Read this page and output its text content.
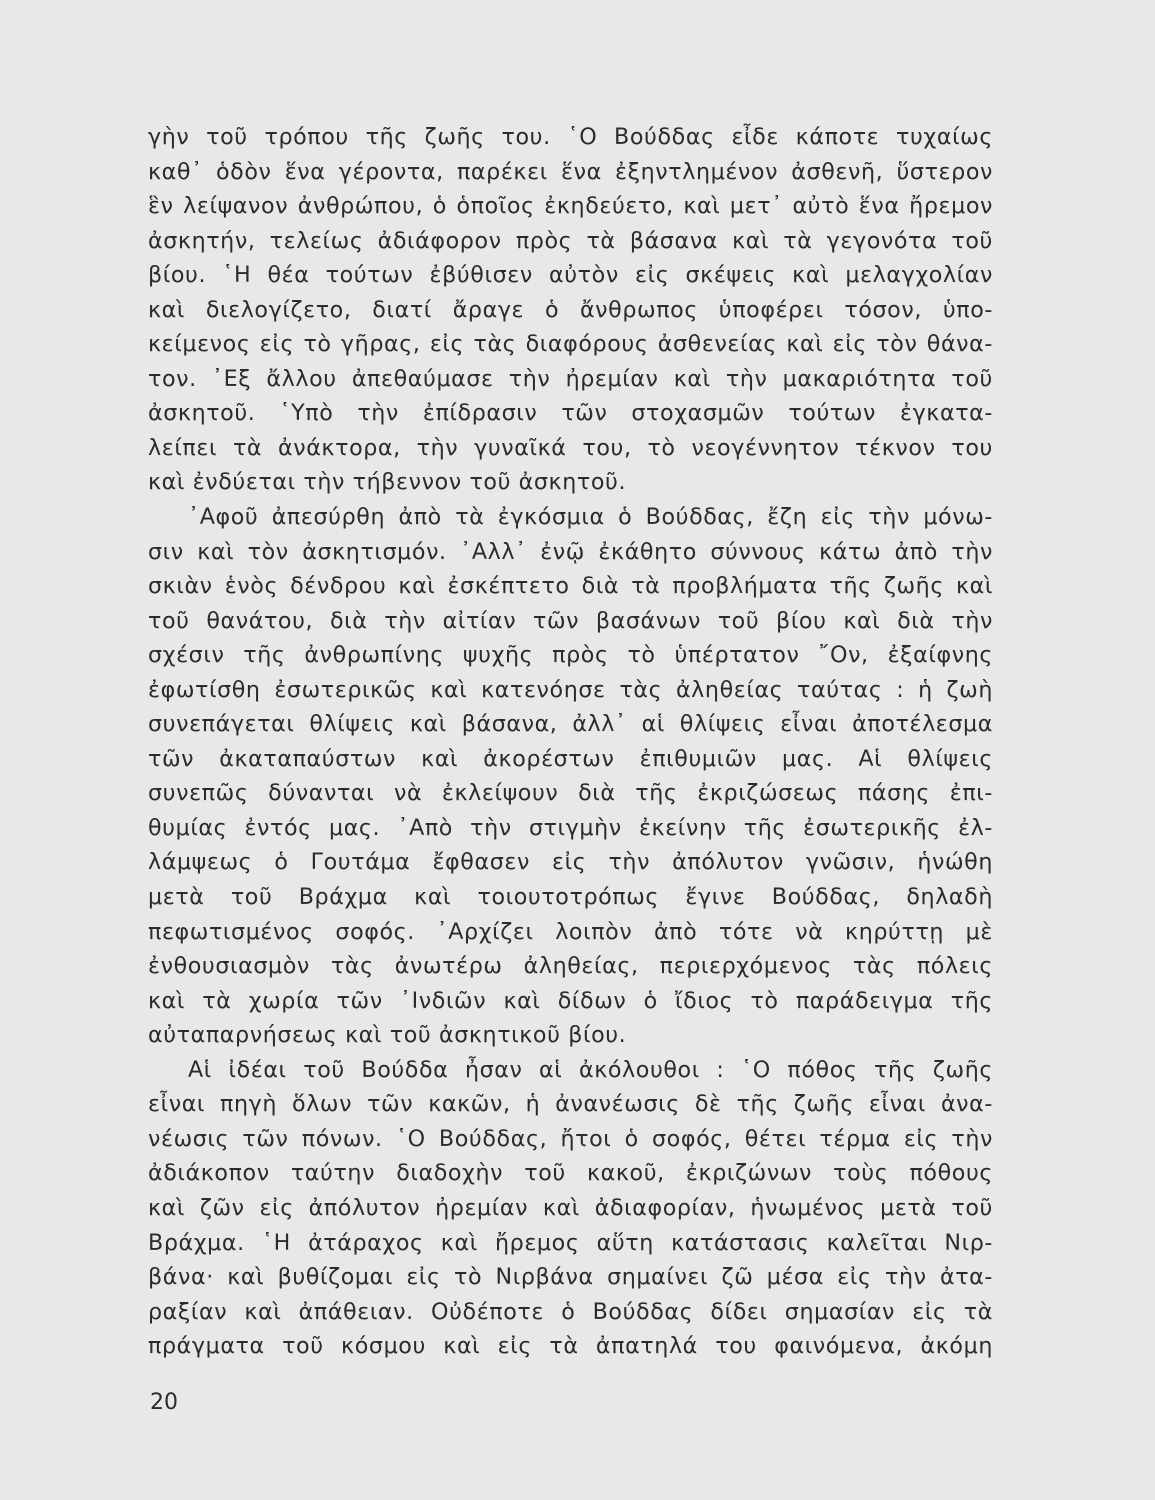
γὴν τοῦ τρόπου τῆς ζωῆς του. ῾Ο Βούδδας εἶδε κάποτε τυχαίως
καθ᾿ ὁδὸν ἕνα γέροντα, παρέκει ἕνα ἐξηντλημένον ἀσθενῆ, ὕστερον
ἓν λείψανον ἀνθρώπου, ὁ ὁποῖος ἐκηδεύετο, καὶ μετ᾿ αὐτὸ ἕνα ἤρεμον
ἀσκητήν, τελείως ἀδιάφορον πρὸς τὰ βάσανα καὶ τὰ γεγονότα τοῦ
βίου. ῾Η θέα τούτων ἐβύθισεν αὐτὸν εἰς σκέψεις καὶ μελαγχολίαν
καὶ διελογίζετο, διατί ἄραγε ὁ ἄνθρωπος ὑποφέρει τόσον, ὑπο-
κείμενος εἰς τὸ γῆρας, εἰς τὰς διαφόρους ἀσθενείας καὶ εἰς τὸν θάνα-
τον. ᾿Εξ ἄλλου ἀπεθαύμασε τὴν ἠρεμίαν καὶ τὴν μακαριότητα τοῦ
ἀσκητοῦ. ῾Υπὸ τὴν ἐπίδρασιν τῶν στοχασμῶν τούτων ἐγκατα-
λείπει τὰ ἀνάκτορα, τὴν γυναῖκά του, τὸ νεογέννητον τέκνον του
καὶ ἐνδύεται τὴν τήβεννον τοῦ ἀσκητοῦ.
᾿Αφοῦ ἀπεσύρθη ἀπὸ τὰ ἐγκόσμια ὁ Βούδδας, ἔζη εἰς τὴν μόνω-
σιν καὶ τὸν ἀσκητισμόν. ᾿Αλλ᾿ ἐνῷ ἐκάθητο σύννους κάτω ἀπὸ τὴν
σκιὰν ἑνὸς δένδρου καὶ ἐσκέπτετο διὰ τὰ προβλήματα τῆς ζωῆς καὶ
τοῦ θανάτου, διὰ τὴν αἰτίαν τῶν βασάνων τοῦ βίου καὶ διὰ τὴν
σχέσιν τῆς ἀνθρωπίνης ψυχῆς πρὸς τὸ ὑπέρτατον ῎Ον, ἐξαίφνης
ἐφωτίσθη ἐσωτερικῶς καὶ κατενόησε τὰς ἀληθείας ταύτας : ἡ ζωὴ
συνεπάγεται θλίψεις καὶ βάσανα, ἀλλ᾿ αἱ θλίψεις εἶναι ἀποτέλεσμα
τῶν ἀκαταπαύστων καὶ ἀκορέστων ἐπιθυμιῶν μας. Αἱ θλίψεις
συνεπῶς δύνανται νὰ ἐκλείψουν διὰ τῆς ἐκριζώσεως πάσης ἐπι-
θυμίας ἐντός μας. ᾿Απὸ τὴν στιγμὴν ἐκείνην τῆς ἐσωτερικῆς ἐλ-
λάμψεως ὁ Γουτάμα ἔφθασεν εἰς τὴν ἀπόλυτον γνῶσιν, ἡνώθη
μετὰ τοῦ Βράχμα καὶ τοιουτοτρόπως ἔγινε Βούδδας, δηλαδὴ
πεφωτισμένος σοφός. ᾿Αρχίζει λοιπὸν ἀπὸ τότε νὰ κηρύττῃ μὲ
ἐνθουσιασμὸν τὰς ἀνωτέρω ἀληθείας, περιερχόμενος τὰς πόλεις
καὶ τὰ χωρία τῶν ᾿Ινδιῶν καὶ δίδων ὁ ἴδιος τὸ παράδειγμα τῆς
αὐταπαρνήσεως καὶ τοῦ ἀσκητικοῦ βίου.
Αἱ ἰδέαι τοῦ Βούδδα ἦσαν αἱ ἀκόλουθοι : ῾Ο πόθος τῆς ζωῆς
εἶναι πηγὴ ὅλων τῶν κακῶν, ἡ ἀνανέωσις δὲ τῆς ζωῆς εἶναι ἀνα-
νέωσις τῶν πόνων. ῾Ο Βούδδας, ἤτοι ὁ σοφός, θέτει τέρμα εἰς τὴν
ἀδιάκοπον ταύτην διαδοχὴν τοῦ κακοῦ, ἐκριζώνων τοὺς πόθους
καὶ ζῶν εἰς ἀπόλυτον ἠρεμίαν καὶ ἀδιαφορίαν, ἡνωμένος μετὰ τοῦ
Βράχμα. ῾Η ἀτάραχος καὶ ἤρεμος αὕτη κατάστασις καλεῖται Νιρ-
βάνα· καὶ βυθίζομαι εἰς τὸ Νιρβάνα σημαίνει ζῶ μέσα εἰς τὴν ἀτα-
ραξίαν καὶ ἀπάθειαν. Οὐδέποτε ὁ Βούδδας δίδει σημασίαν εἰς τὰ
πράγματα τοῦ κόσμου καὶ εἰς τὰ ἀπατηλά του φαινόμενα, ἀκόμη
20
